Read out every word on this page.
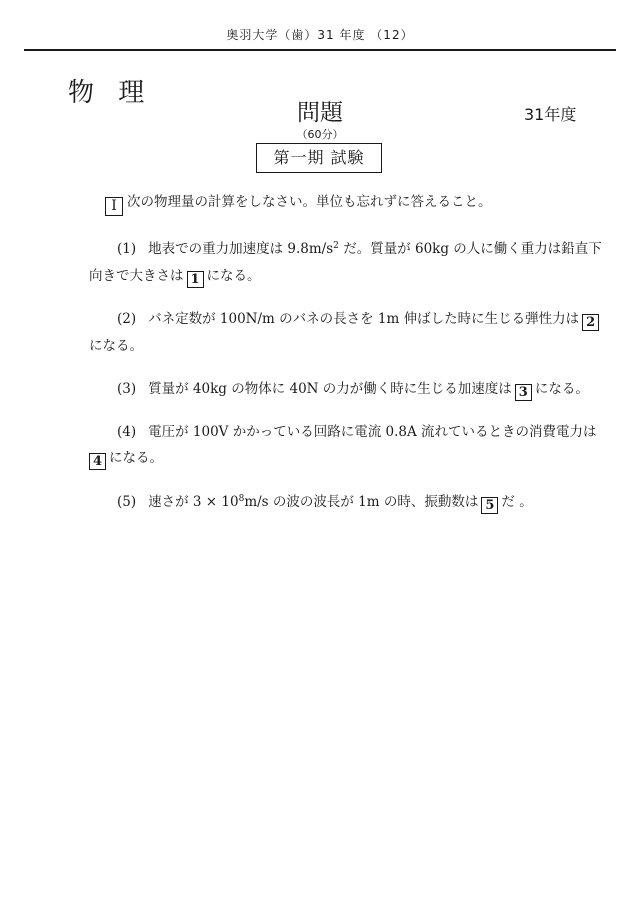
奥羽大学（歯）31 年度 （12）
物 理
問題	31年度
（60分）
第一期 試験
I 次の物理量の計算をしなさい。単位も忘れずに答えること。
(1) 地表での重力加速度は $9.8m/s^2$ だ。質量が 60kg の人に働く重力は鉛直下
向きで大きさは 1 になる。
(2) バネ定数が 100N/m のバネの長さを 1m 伸ばした時に生じる弾性力は 2
になる。
(3) 質量が 40kg の物体に 40N の力が働く時に生じる加速度は 3 になる。
(4) 電圧が 100V かかっている回路に電流 0.8A 流れているときの消費電力は
4 になる。
(5) 速さが $3 \times 10^8m/s$ の波の波長が 1m の時、振動数は 5 だ 。
